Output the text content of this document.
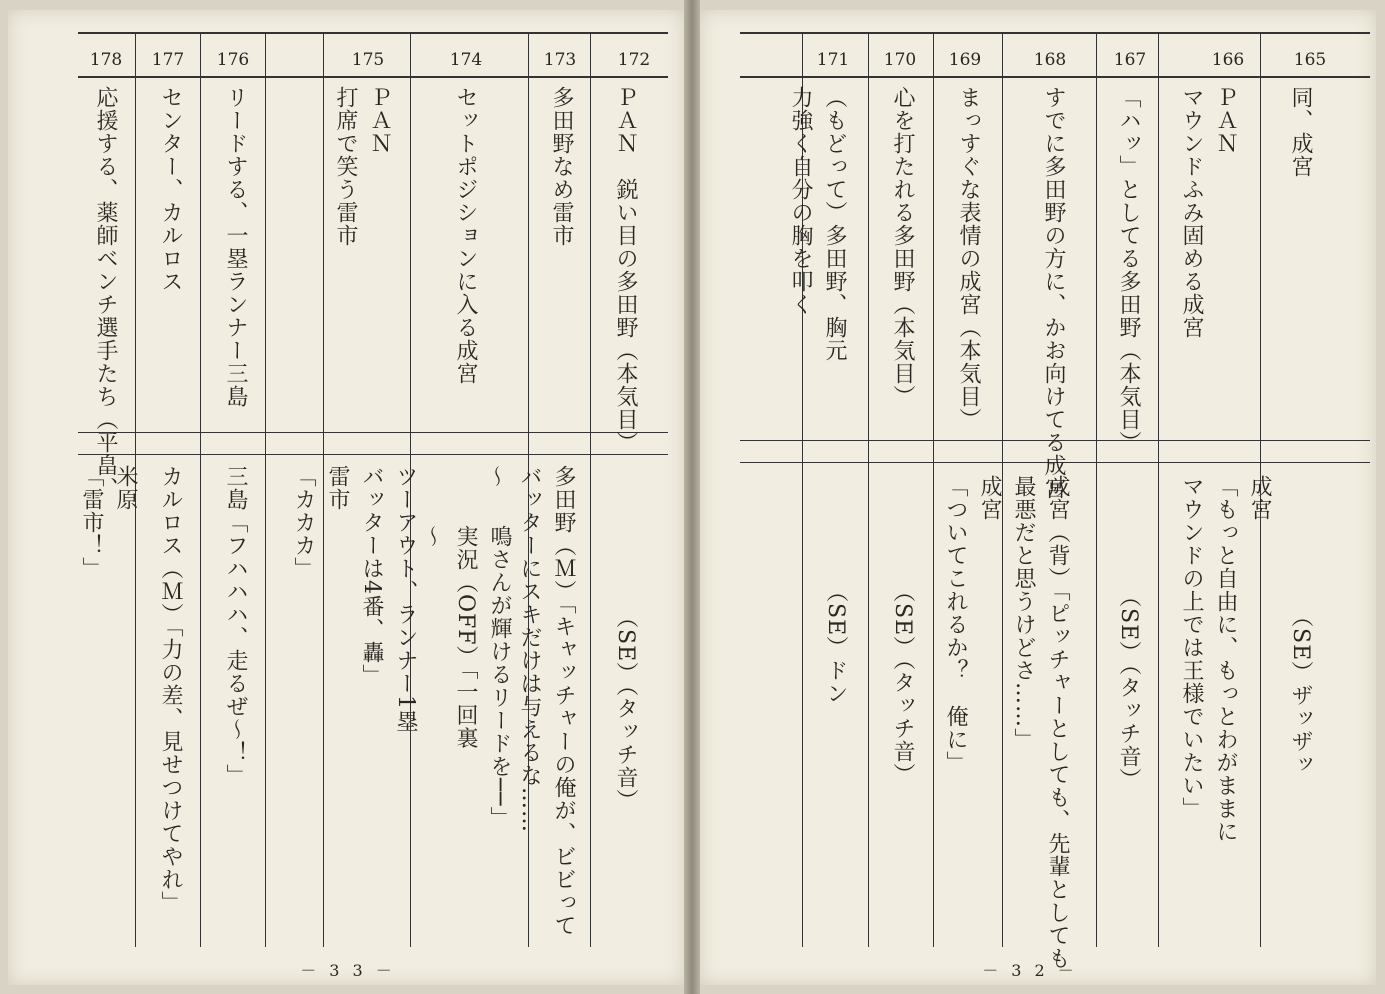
172
173
174
175
176
177
178
ＰＡＮ　鋭い目の多田野（本気目）
多田野なめ雷市
セットポジションに入る成宮
ＰＡＮ
打席で笑う雷市
リードする、一塁ランナー三島
センター、カルロス
応援する、薬師ベンチ選手たち（平畠、
（SE）（タッチ音）
多田野（Ｍ）「キャッチャーの俺が、ビビって
バッターにスキだけは与えるな……
～
鳴さんが輝けるリードを──」
実況（OFF）「一回裏
～
ツーアウト、ランナー1塁
バッターは4番、轟」
雷市
「カカカ」
三島「フハハハ、走るぜ～！」
カルロス（Ｍ）「力の差、見せつけてやれ」
米原
「雷市！」
－ 3 3 －
165
166
167
168
169
170
171
同、成宮
ＰＡＮ
マウンドふみ固める成宮
「ハッ」としてる多田野（本気目）
すでに多田野の方に、かお向けてる成宮
まっすぐな表情の成宮（本気目）
心を打たれる多田野（本気目）
（もどって）多田野、胸元
力強く自分の胸を叩く
（SE）ザッザッ
成宮
「もっと自由に、もっとわがままに
マウンドの上では王様でいたい」
（SE）（タッチ音）
成宮（背）「ピッチャーとしても、先輩としても
最悪だと思うけどさ……」
成宮
「ついてこれるか？　俺に」
（SE）（タッチ音）
（SE）ドン
－ 3 2 －
